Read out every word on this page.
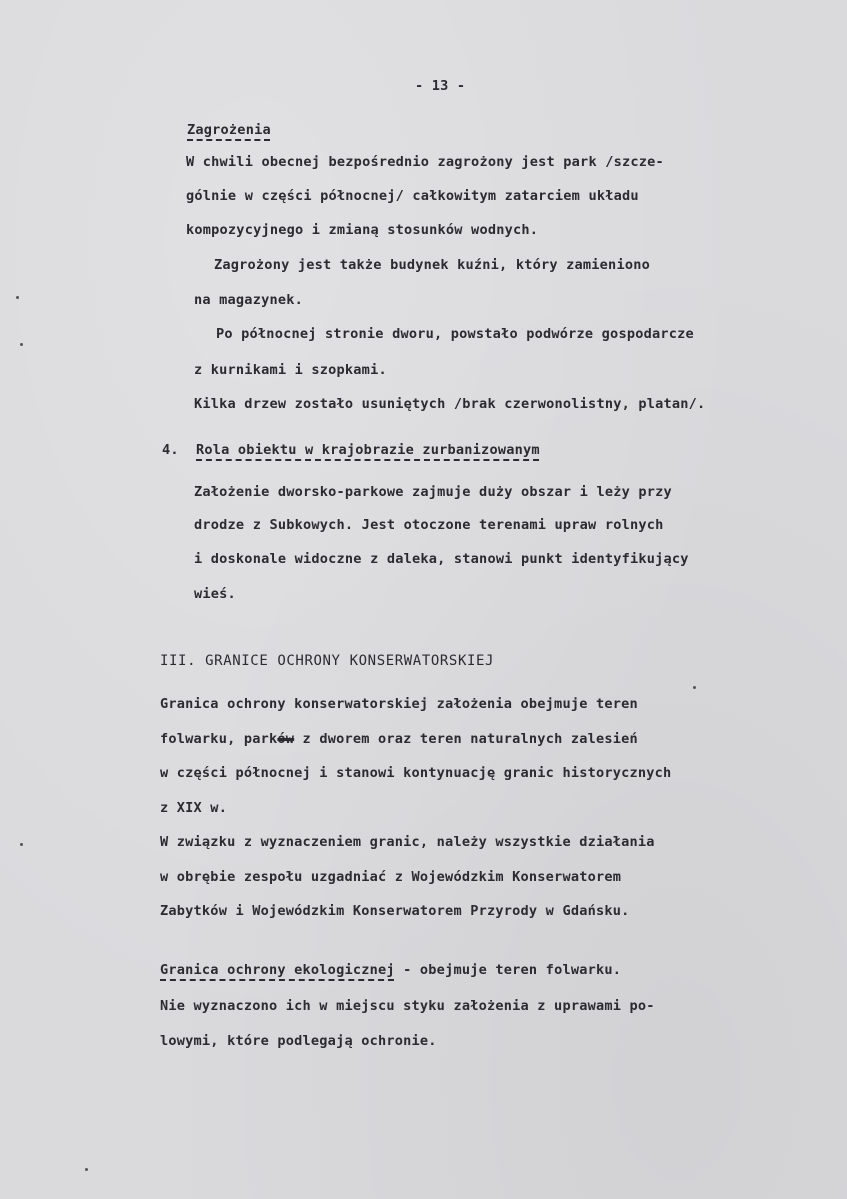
- 13 -
Zagrożenia
W chwili obecnej bezpośrednio zagrożony jest park /szcze-
gólnie w części północnej/ całkowitym zatarciem układu
kompozycyjnego i zmianą stosunków wodnych.
Zagrożony jest także budynek kuźni, który zamieniono
na magazynek.
Po północnej stronie dworu, powstało podwórze gospodarcze
z kurnikami i szopkami.
Kilka drzew zostało usuniętych /brak czerwonolistny, platan/.
4. Rola obiektu w krajobrazie zurbanizowanym
Założenie dworsko-parkowe zajmuje duży obszar i leży przy
drodze z Subkowych. Jest otoczone terenami upraw rolnych
i doskonale widoczne z daleka, stanowi punkt identyfikujący
wieś.
III. GRANICE OCHRONY KONSERWATORSKIEJ
Granica ochrony konserwatorskiej założenia obejmuje teren
folwarku, parków z dworem oraz teren naturalnych zalesień
w części północnej i stanowi kontynuację granic historycznych
z XIX w.
W związku z wyznaczeniem granic, należy wszystkie działania
w obrębie zespołu uzgadniać z Wojewódzkim Konserwatorem
Zabytków i Wojewódzkim Konserwatorem Przyrody w Gdańsku.
Granica ochrony ekologicznej - obejmuje teren folwarku.
Nie wyznaczono ich w miejscu styku założenia z uprawami po-
lowymi, które podlegają ochronie.
